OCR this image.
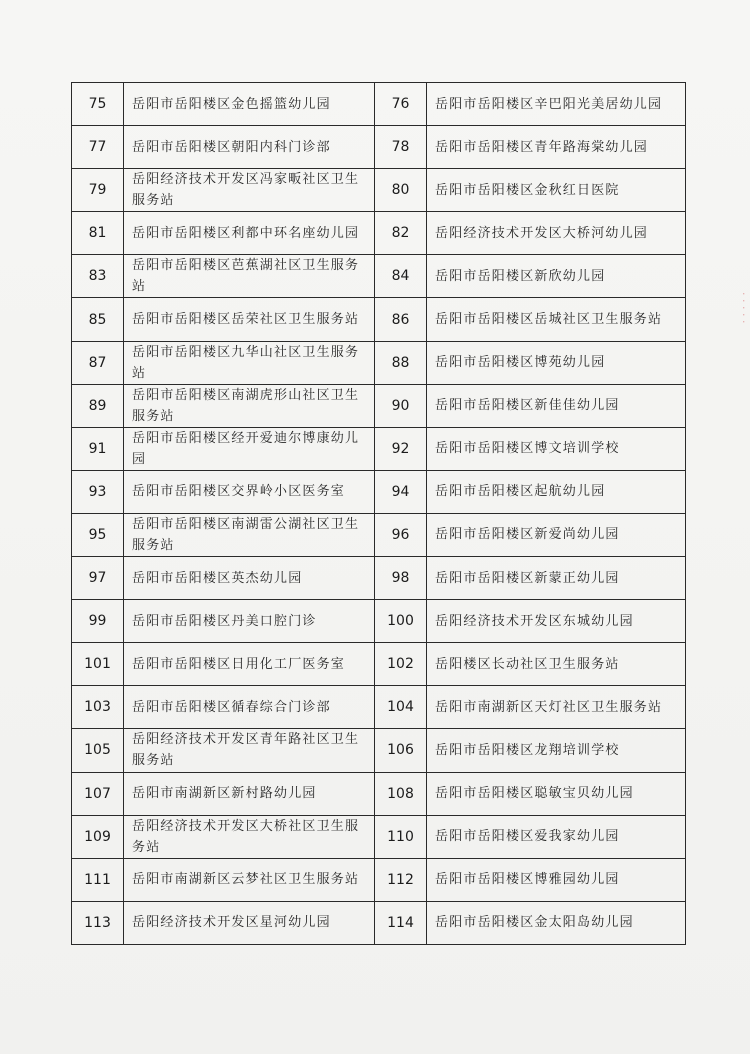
75	岳阳市岳阳楼区金色摇篮幼儿园	76	岳阳市岳阳楼区辛巴阳光美居幼儿园
77	岳阳市岳阳楼区朝阳内科门诊部	78	岳阳市岳阳楼区青年路海棠幼儿园
79	岳阳经济技术开发区冯家畈社区卫生服务站	80	岳阳市岳阳楼区金秋红日医院
81	岳阳市岳阳楼区利都中环名座幼儿园	82	岳阳经济技术开发区大桥河幼儿园
83	岳阳市岳阳楼区芭蕉湖社区卫生服务站	84	岳阳市岳阳楼区新欣幼儿园
85	岳阳市岳阳楼区岳荣社区卫生服务站	86	岳阳市岳阳楼区岳城社区卫生服务站
87	岳阳市岳阳楼区九华山社区卫生服务站	88	岳阳市岳阳楼区博苑幼儿园
89	岳阳市岳阳楼区南湖虎形山社区卫生服务站	90	岳阳市岳阳楼区新佳佳幼儿园
91	岳阳市岳阳楼区经开爱迪尔博康幼儿园	92	岳阳市岳阳楼区博文培训学校
93	岳阳市岳阳楼区交界岭小区医务室	94	岳阳市岳阳楼区起航幼儿园
95	岳阳市岳阳楼区南湖雷公湖社区卫生服务站	96	岳阳市岳阳楼区新爱尚幼儿园
97	岳阳市岳阳楼区英杰幼儿园	98	岳阳市岳阳楼区新蒙正幼儿园
99	岳阳市岳阳楼区丹美口腔门诊	100	岳阳经济技术开发区东城幼儿园
101	岳阳市岳阳楼区日用化工厂医务室	102	岳阳楼区长动社区卫生服务站
103	岳阳市岳阳楼区循春综合门诊部	104	岳阳市南湖新区天灯社区卫生服务站
105	岳阳经济技术开发区青年路社区卫生服务站	106	岳阳市岳阳楼区龙翔培训学校
107	岳阳市南湖新区新村路幼儿园	108	岳阳市岳阳楼区聪敏宝贝幼儿园
109	岳阳经济技术开发区大桥社区卫生服务站	110	岳阳市岳阳楼区爱我家幼儿园
111	岳阳市南湖新区云梦社区卫生服务站	112	岳阳市岳阳楼区博雅园幼儿园
113	岳阳经济技术开发区星河幼儿园	114	岳阳市岳阳楼区金太阳岛幼儿园
· · · · ·
